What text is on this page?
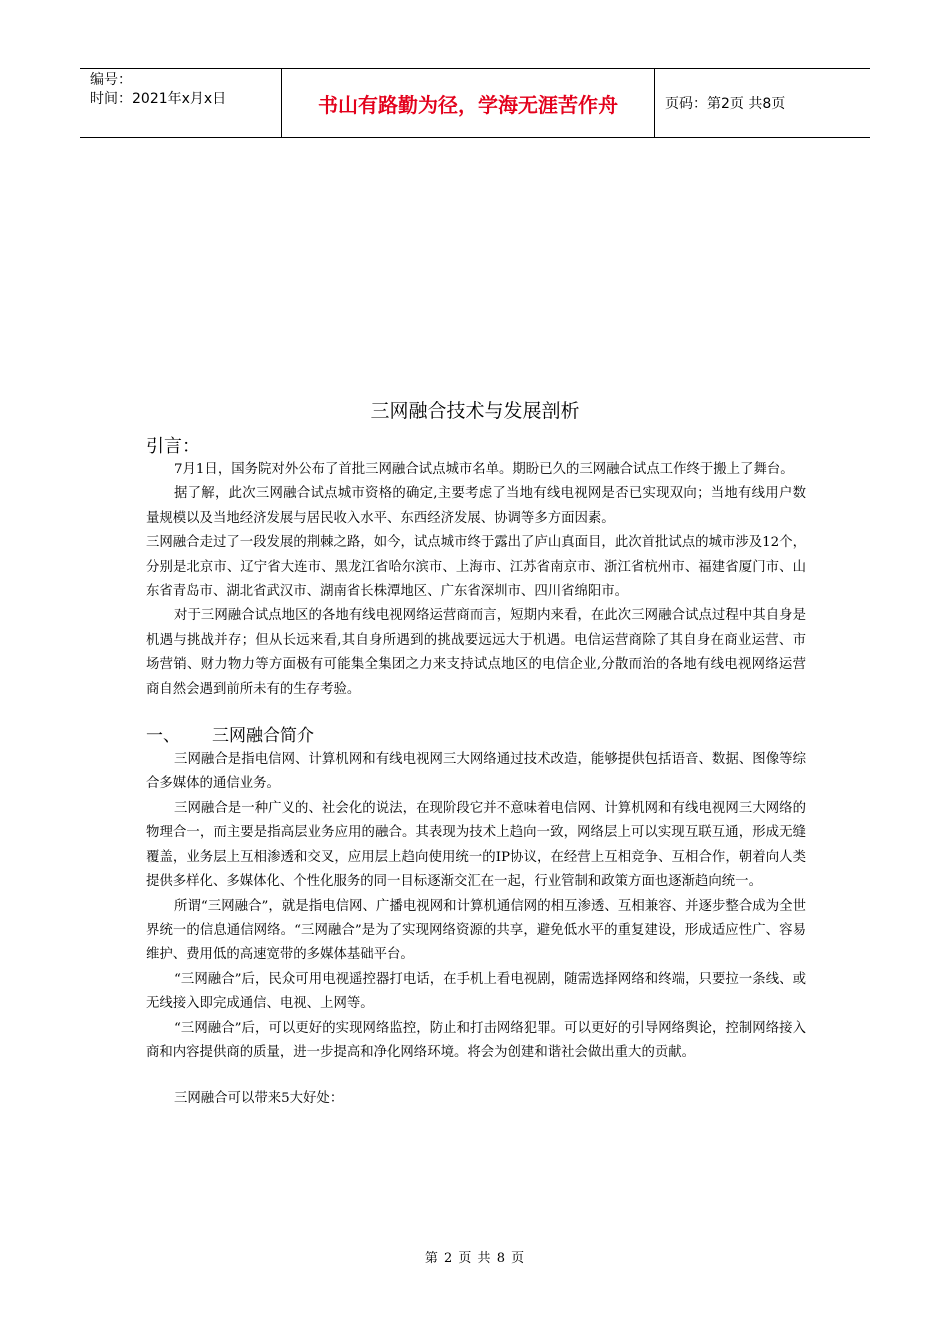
编号：
时间：2021年x月x日	书山有路勤为径，学海无涯苦作舟	页码：第2页 共8页
三网融合技术与发展剖析
引言：

7月1日，国务院对外公布了首批三网融合试点城市名单。期盼已久的三网融合试点工作终于搬上了舞台。

据了解，此次三网融合试点城市资格的确定,主要考虑了当地有线电视网是否已实现双向；当地有线用户数量规模以及当地经济发展与居民收入水平、东西经济发展、协调等多方面因素。

三网融合走过了一段发展的荆棘之路，如今，试点城市终于露出了庐山真面目，此次首批试点的城市涉及12个，分别是北京市、辽宁省大连市、黑龙江省哈尔滨市、上海市、江苏省南京市、浙江省杭州市、福建省厦门市、山东省青岛市、湖北省武汉市、湖南省长株潭地区、广东省深圳市、四川省绵阳市。

对于三网融合试点地区的各地有线电视网络运营商而言，短期内来看，在此次三网融合试点过程中其自身是机遇与挑战并存；但从长远来看,其自身所遇到的挑战要远远大于机遇。电信运营商除了其自身在商业运营、市场营销、财力物力等方面极有可能集全集团之力来支持试点地区的电信企业,分散而治的各地有线电视网络运营商自然会遇到前所未有的生存考验。

一、 三网融合简介

三网融合是指电信网、计算机网和有线电视网三大网络通过技术改造，能够提供包括语音、数据、图像等综合多媒体的通信业务。

三网融合是一种广义的、社会化的说法，在现阶段它并不意味着电信网、计算机网和有线电视网三大网络的物理合一，而主要是指高层业务应用的融合。其表现为技术上趋向一致，网络层上可以实现互联互通，形成无缝覆盖，业务层上互相渗透和交叉，应用层上趋向使用统一的IP协议，在经营上互相竞争、互相合作，朝着向人类提供多样化、多媒体化、个性化服务的同一目标逐渐交汇在一起，行业管制和政策方面也逐渐趋向统一。

所谓“三网融合”，就是指电信网、广播电视网和计算机通信网的相互渗透、互相兼容、并逐步整合成为全世界统一的信息通信网络。“三网融合”是为了实现网络资源的共享，避免低水平的重复建设，形成适应性广、容易维护、费用低的高速宽带的多媒体基础平台。

“三网融合”后，民众可用电视遥控器打电话，在手机上看电视剧，随需选择网络和终端，只要拉一条线、或无线接入即完成通信、电视、上网等。

“三网融合”后，可以更好的实现网络监控，防止和打击网络犯罪。可以更好的引导网络舆论，控制网络接入商和内容提供商的质量，进一步提高和净化网络环境。将会为创建和谐社会做出重大的贡献。

三网融合可以带来5大好处：

第 2 页 共 8 页
